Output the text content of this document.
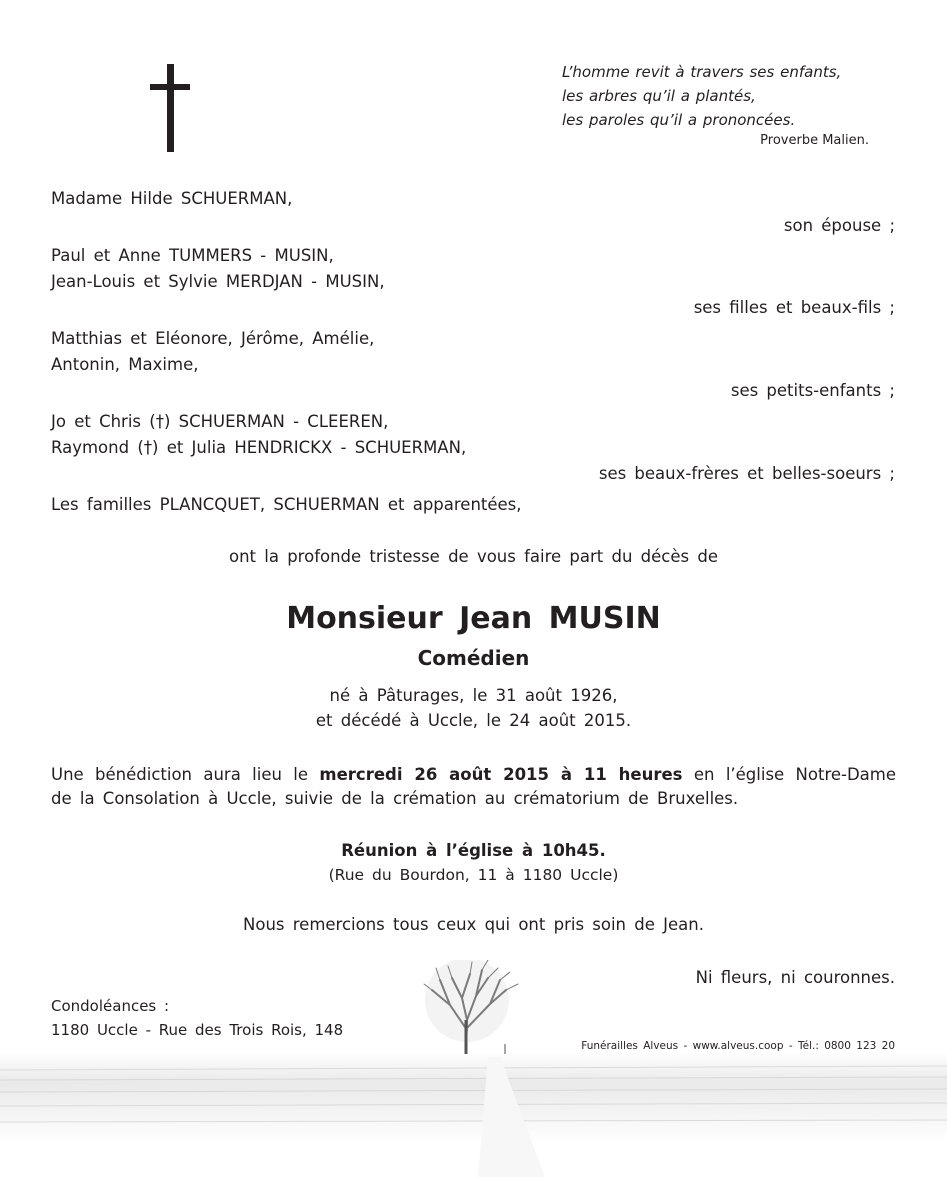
L’homme revit à travers ses enfants,
les arbres qu’il a plantés,
les paroles qu’il a prononcées.
Proverbe Malien.
Madame Hilde SCHUERMAN,
son épouse ;
Paul et Anne TUMMERS - MUSIN,
Jean-Louis et Sylvie MERDJAN - MUSIN,
ses filles et beaux-fils ;
Matthias et Eléonore, Jérôme, Amélie,
Antonin, Maxime,
ses petits-enfants ;
Jo et Chris (†) SCHUERMAN - CLEEREN,
Raymond (†) et Julia HENDRICKX - SCHUERMAN,
ses beaux-frères et belles-soeurs ;
Les familles PLANCQUET, SCHUERMAN et apparentées,
ont la profonde tristesse de vous faire part du décès de
Monsieur Jean MUSIN
Comédien
né à Pâturages, le 31 août 1926,
et décédé à Uccle, le 24 août 2015.
Une bénédiction aura lieu le mercredi 26 août 2015 à 11 heures en l’église Notre-Dame
de la Consolation à Uccle, suivie de la crémation au crématorium de Bruxelles.
Réunion à l’église à 10h45.
(Rue du Bourdon, 11 à 1180 Uccle)
Nous remercions tous ceux qui ont pris soin de Jean.
Ni fleurs, ni couronnes.
Condoléances :
1180 Uccle - Rue des Trois Rois, 148
Funérailles Alveus - www.alveus.coop - Tél.: 0800 123 20
